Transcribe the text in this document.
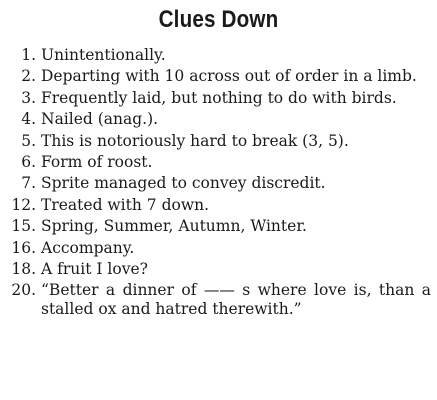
Clues Down
1. Unintentionally.
2. Departing with 10 across out of order in a limb.
3. Frequently laid, but nothing to do with birds.
4. Nailed (anag.).
5. This is notoriously hard to break (3, 5).
6. Form of roost.
7. Sprite managed to convey discredit.
12. Treated with 7 down.
15. Spring, Summer, Autumn, Winter.
16. Accompany.
18. A fruit I love?
20. “Better a dinner of —— s where love is, than a stalled ox and hatred therewith.”
